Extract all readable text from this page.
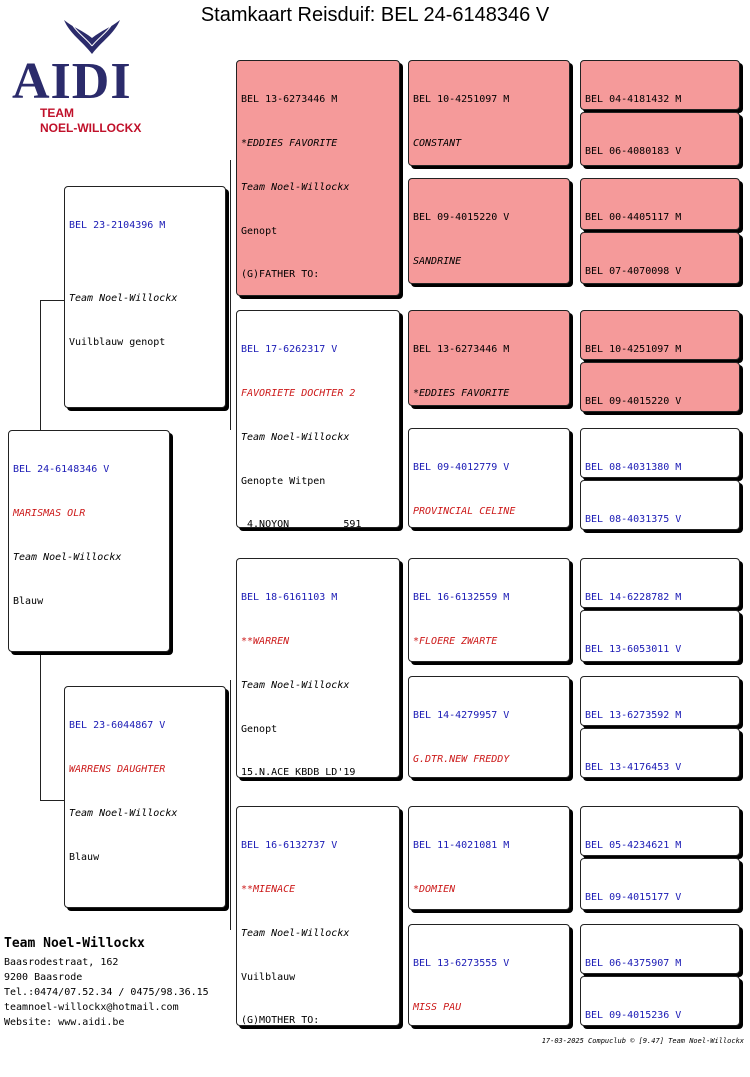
Stamkaart Reisduif: BEL 24-6148346 V
AIDI
TEAM
NOEL-WILLOCKX

BEL 24-6148346 V

MARISMAS OLR

Team Noel-Willockx

Blauw

BEL 23-2104396 M

Team Noel-Willockx

Vuilblauw genopt

BEL 23-6044867 V

WARRENS DAUGHTER

Team Noel-Willockx

Blauw

BEL 13-6273446 M

*EDDIES FAVORITE

Team Noel-Willockx

Genopt

(G)FATHER TO:

BEL 17-6262317 V

FAVORIETE DOCHTER 2

Team Noel-Willockx

Genopte Witpen

4.NOYON         591

BEL 18-6161103 M

**WARREN

Team Noel-Willockx

Genopt

15.N.ACE KBDB LD'19

BEL 16-6132737 V

**MIENACE

Team Noel-Willockx

Vuilblauw

(G)MOTHER TO:

BEL 10-4251097 M

CONSTANT

BEL 09-4015220 V

SANDRINE

BEL 13-6273446 M

*EDDIES FAVORITE

BEL 09-4012779 V

PROVINCIAL CELINE

BEL 16-6132559 M

*FLOERE ZWARTE

BEL 14-4279957 V

G.DTR.NEW FREDDY

BEL 11-4021081 M

*DOMIEN

BEL 13-6273555 V

MISS PAU

BEL 04-4181432 M

BEL 06-4080183 V

BEL 00-4405117 M

BEL 07-4070098 V

BEL 10-4251097 M

BEL 09-4015220 V

BEL 08-4031380 M

BEL 08-4031375 V

BEL 14-6228782 M

BEL 13-6053011 V

BEL 13-6273592 M

BEL 13-4176453 V

BEL 05-4234621 M

BEL 09-4015177 V

BEL 06-4375907 M

BEL 09-4015236 V

Team Noel-Willockx
Baasrodestraat, 162
9200 Baasrode
Tel.:0474/07.52.34 / 0475/98.36.15
teamnoel-willockx@hotmail.com
Website: www.aidi.be
17-03-2025 Compuclub © [9.47] Team Noel-Willockx
